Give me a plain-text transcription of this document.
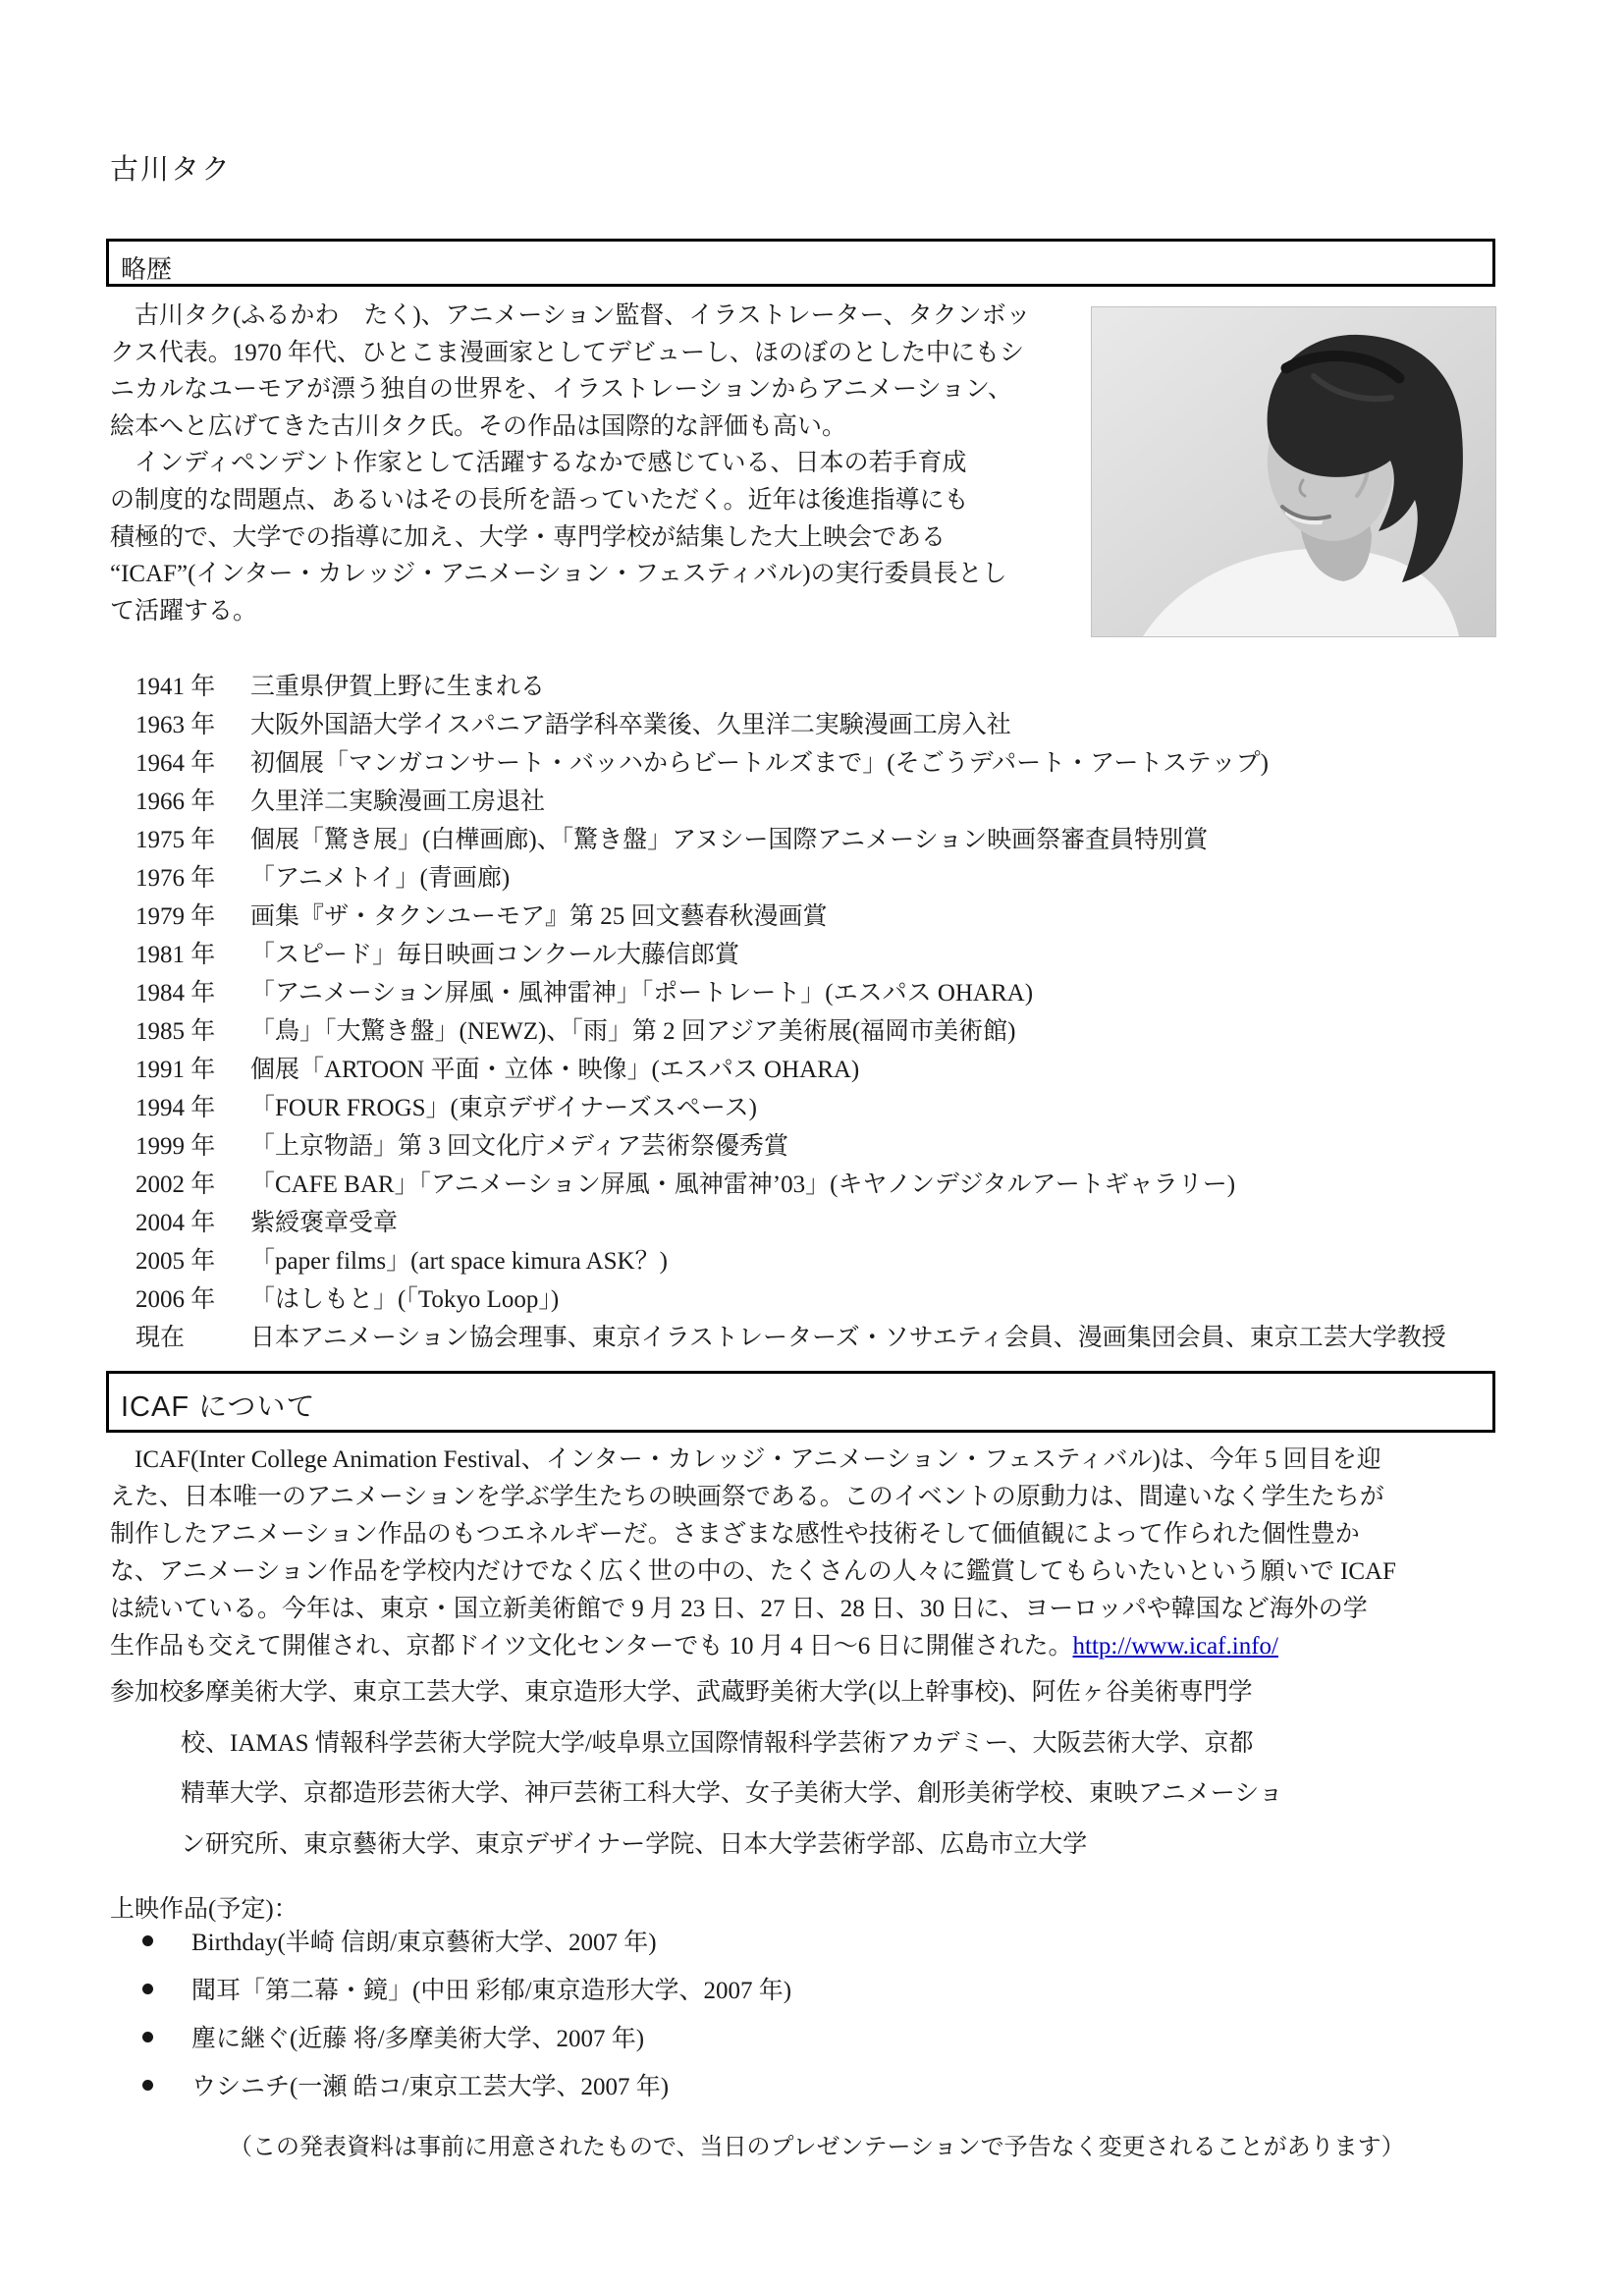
古川タク
略歴
　古川タク(ふるかわ　たく)、アニメーション監督、イラストレーター、タクンボッ
クス代表。1970 年代、ひとこま漫画家としてデビューし、ほのぼのとした中にもシ
ニカルなユーモアが漂う独自の世界を、イラストレーションからアニメーション、
絵本へと広げてきた古川タク氏。その作品は国際的な評価も高い。
　インディペンデント作家として活躍するなかで感じている、日本の若手育成
の制度的な問題点、あるいはその長所を語っていただく。近年は後進指導にも
積極的で、大学での指導に加え、大学・専門学校が結集した大上映会である
“ICAF”(インター・カレッジ・アニメーション・フェスティバル)の実行委員長とし
て活躍する。
1941 年 三重県伊賀上野に生まれる
1963 年 大阪外国語大学イスパニア語学科卒業後、久里洋二実験漫画工房入社
1964 年 初個展「マンガコンサート・バッハからビートルズまで」(そごうデパート・アートステップ)
1966 年 久里洋二実験漫画工房退社
1975 年 個展「驚き展」(白樺画廊)、「驚き盤」アヌシー国際アニメーション映画祭審査員特別賞
1976 年 「アニメトイ」(青画廊)
1979 年 画集『ザ・タクンユーモア』第 25 回文藝春秋漫画賞
1981 年 「スピード」毎日映画コンクール大藤信郎賞
1984 年 「アニメーション屏風・風神雷神」「ポートレート」(エスパス OHARA)
1985 年 「鳥」「大驚き盤」(NEWZ)、「雨」第 2 回アジア美術展(福岡市美術館)
1991 年 個展「ARTOON 平面・立体・映像」(エスパス OHARA)
1994 年 「FOUR FROGS」(東京デザイナーズスペース)
1999 年 「上京物語」第 3 回文化庁メディア芸術祭優秀賞
2002 年 「CAFE BAR」「アニメーション屏風・風神雷神’03」(キヤノンデジタルアートギャラリー)
2004 年 紫綬褒章受章
2005 年 「paper films」(art space kimura ASK？)
2006 年 「はしもと」(「Tokyo Loop」)
現在	日本アニメーション協会理事、東京イラストレーターズ・ソサエティ会員、漫画集団会員、東京工芸大学教授
ICAF について
　ICAF(Inter College Animation Festival、インター・カレッジ・アニメーション・フェスティバル)は、今年 5 回目を迎
えた、日本唯一のアニメーションを学ぶ学生たちの映画祭である。このイベントの原動力は、間違いなく学生たちが
制作したアニメーション作品のもつエネルギーだ。さまざまな感性や技術そして価値観によって作られた個性豊か
な、アニメーション作品を学校内だけでなく広く世の中の、たくさんの人々に鑑賞してもらいたいという願いで ICAF
は続いている。今年は、東京・国立新美術館で 9 月 23 日、27 日、28 日、30 日に、ヨーロッパや韓国など海外の学
生作品も交えて開催され、京都ドイツ文化センターでも 10 月 4 日～6 日に開催された。http://www.icaf.info/
参加校：
多摩美術大学、東京工芸大学、東京造形大学、武蔵野美術大学(以上幹事校)、阿佐ヶ谷美術専門学
校、IAMAS 情報科学芸術大学院大学/岐阜県立国際情報科学芸術アカデミー、大阪芸術大学、京都
精華大学、京都造形芸術大学、神戸芸術工科大学、女子美術大学、創形美術学校、東映アニメーショ
ン研究所、東京藝術大学、東京デザイナー学院、日本大学芸術学部、広島市立大学
上映作品(予定)：
Birthday(半崎 信朗/東京藝術大学、2007 年)
聞耳「第二幕・鏡」(中田 彩郁/東京造形大学、2007 年)
塵に継ぐ(近藤 将/多摩美術大学、2007 年)
ウシニチ(一瀬 皓コ/東京工芸大学、2007 年)
（この発表資料は事前に用意されたもので、当日のプレゼンテーションで予告なく変更されることがあります）
